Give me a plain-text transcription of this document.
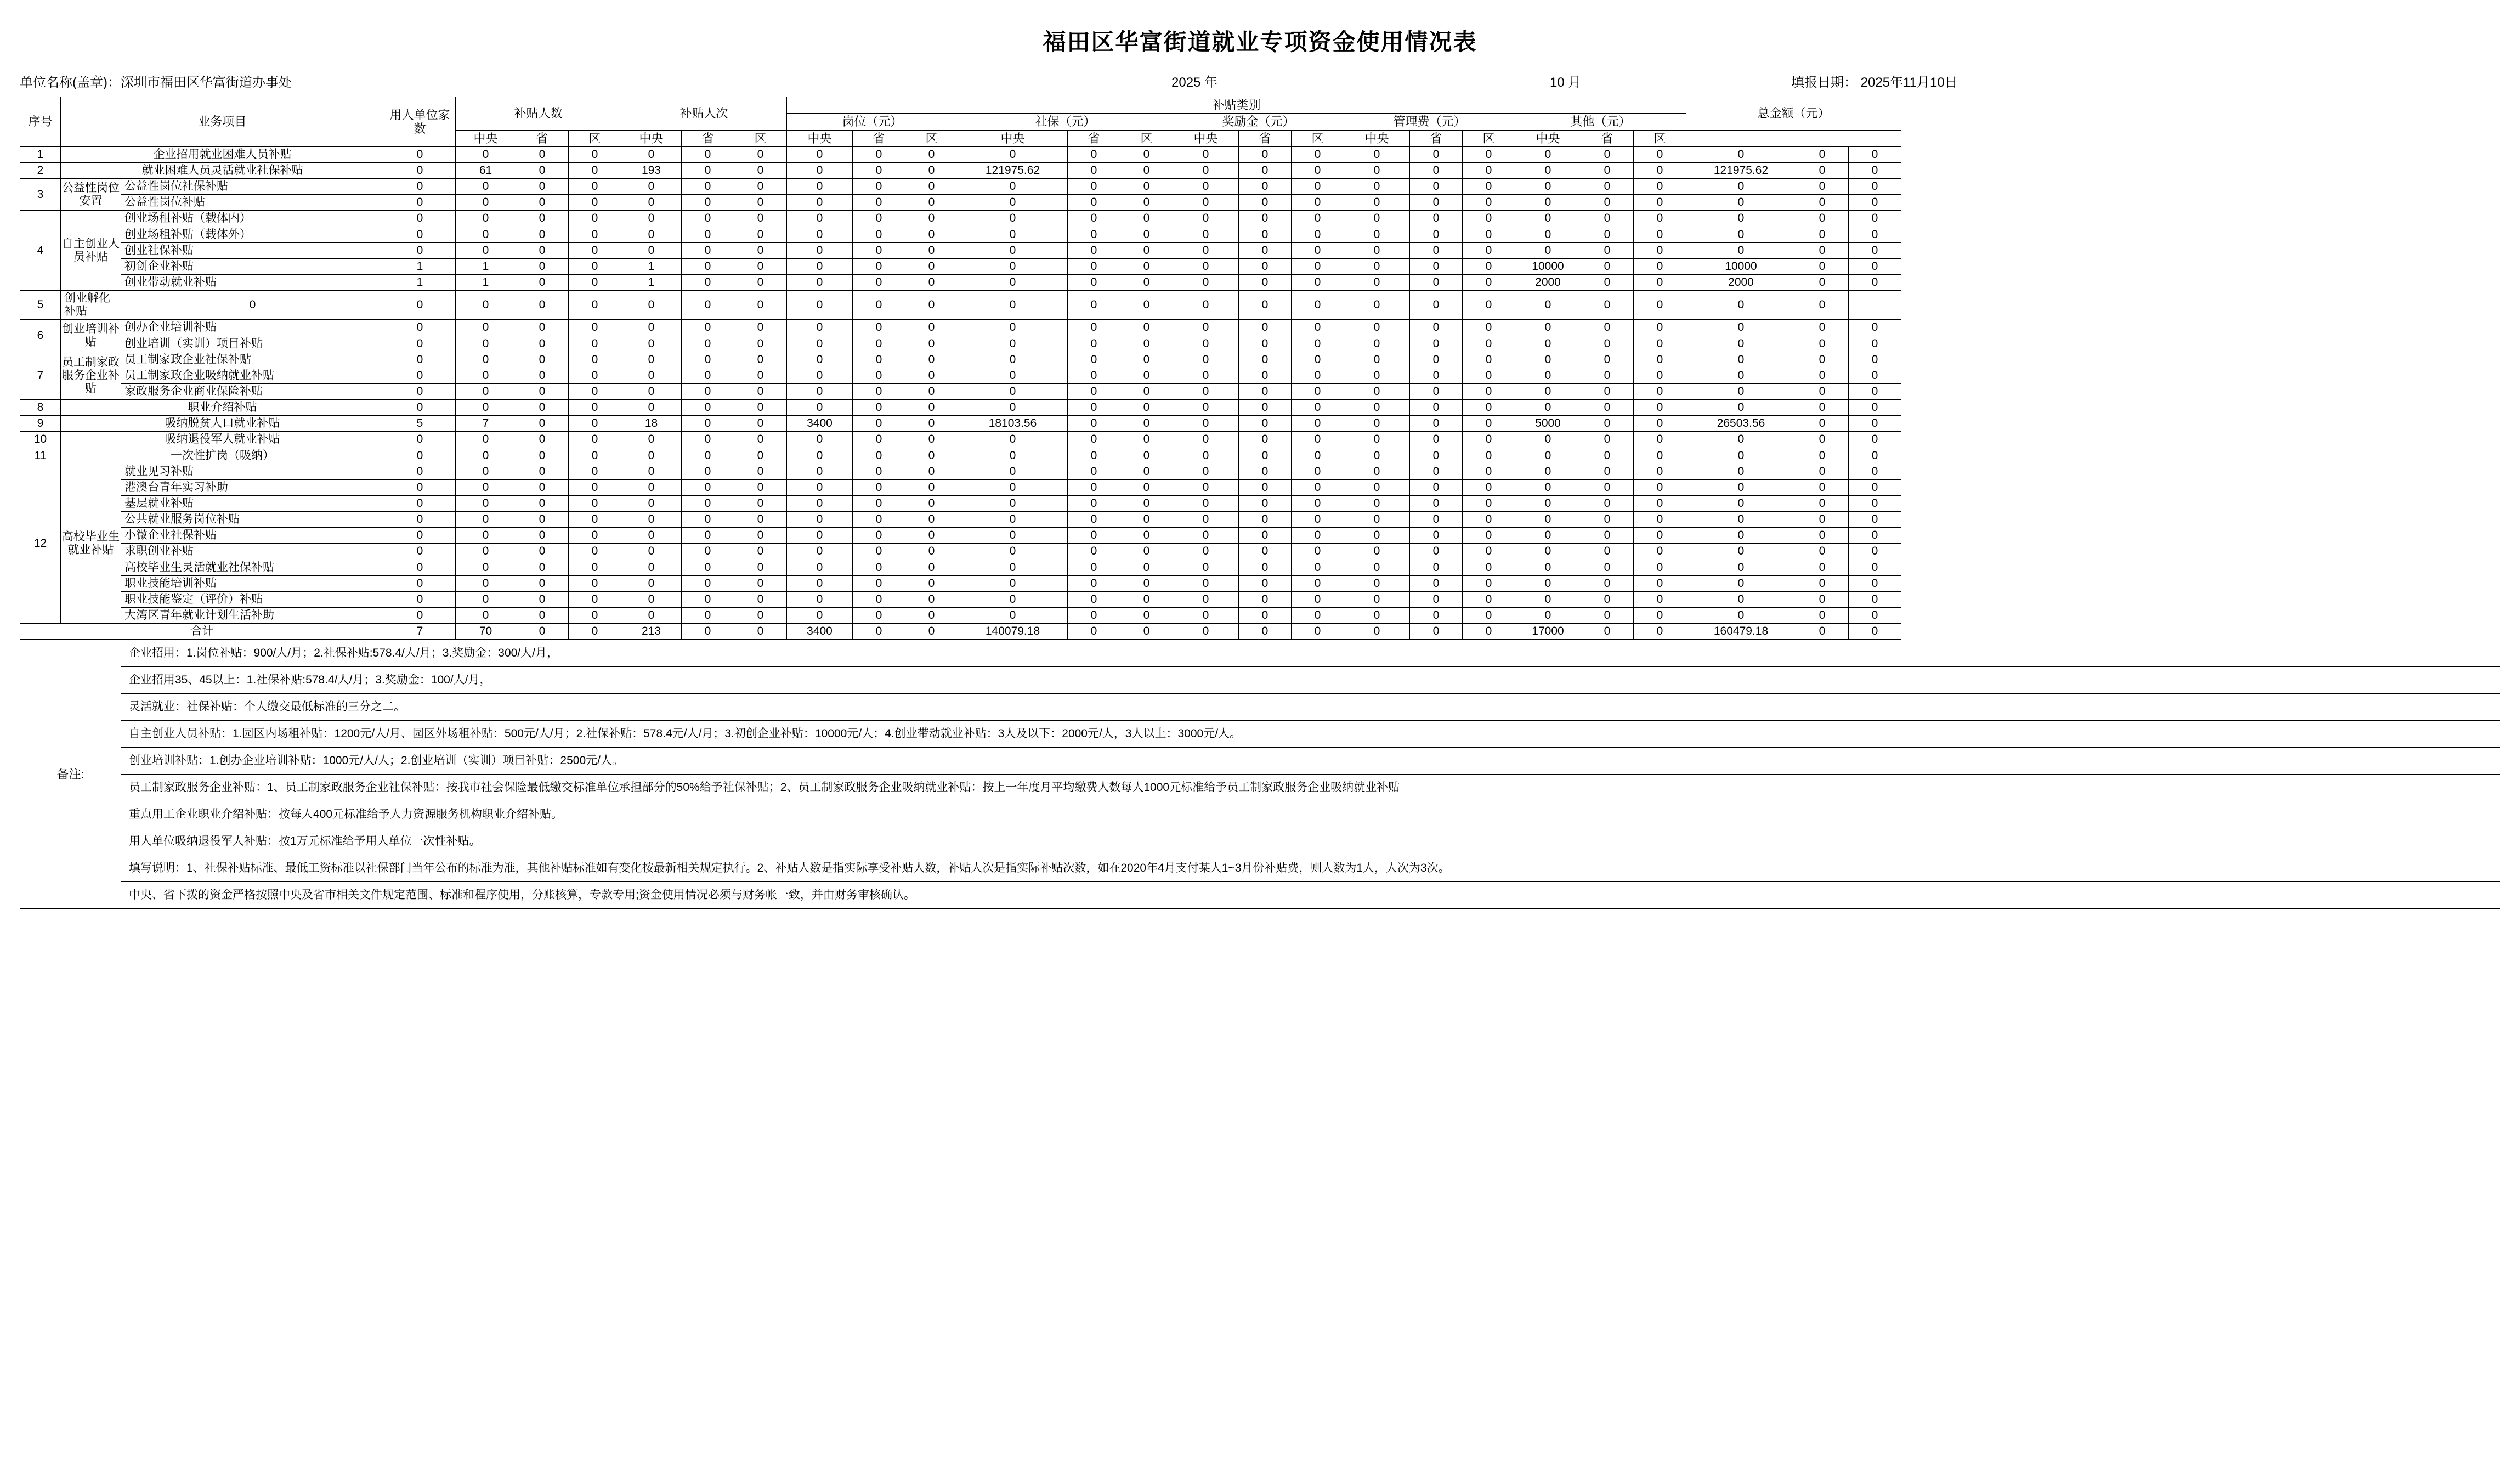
福田区华富街道就业专项资金使用情况表
单位名称(盖章)：深圳市福田区华富街道办事处	2025 年	10 月	填报日期： 2025年11月10日
序号	业务项目		用人单位家数	补贴人数			补贴人次			补贴类别															总金额（元）		
										岗位（元）			社保（元）			奖励金（元）			管理费（元）			其他（元）					
				中央	省	区	中央	省	区	中央	省	区	中央	省	区	中央	省	区	中央	省	区	中央	省	区			
1	企业招用就业困难人员补贴		0	0	0	0	0	0	0	0	0	0	0	0	0	0	0	0	0	0	0	0	0	0	0	0	0
2	就业困难人员灵活就业社保补贴		0	61	0	0	193	0	0	0	0	0	121975.62	0	0	0	0	0	0	0	0	0	0	0	121975.62	0	0
3	公益性岗位安置	公益性岗位社保补贴	0	0	0	0	0	0	0	0	0	0	0	0	0	0	0	0	0	0	0	0	0	0	0	0	0
		公益性岗位补贴	0	0	0	0	0	0	0	0	0	0	0	0	0	0	0	0	0	0	0	0	0	0	0	0	0
4	自主创业人员补贴	创业场租补贴（载体内）	0	0	0	0	0	0	0	0	0	0	0	0	0	0	0	0	0	0	0	0	0	0	0	0	0
		创业场租补贴（载体外）	0	0	0	0	0	0	0	0	0	0	0	0	0	0	0	0	0	0	0	0	0	0	0	0	0
		创业社保补贴	0	0	0	0	0	0	0	0	0	0	0	0	0	0	0	0	0	0	0	0	0	0	0	0	0
		初创企业补贴	1	1	0	0	1	0	0	0	0	0	0	0	0	0	0	0	0	0	0	10000	0	0	10000	0	0
		创业带动就业补贴	1	1	0	0	1	0	0	0	0	0	0	0	0	0	0	0	0	0	0	2000	0	0	2000	0	0
5	创业孵化补贴	0	0	0	0	0	0	0	0	0	0	0	0	0	0	0	0	0	0	0	0	0	0	0	0	0	
6	创业培训补贴	创办企业培训补贴	0	0	0	0	0	0	0	0	0	0	0	0	0	0	0	0	0	0	0	0	0	0	0	0	0
		创业培训（实训）项目补贴	0	0	0	0	0	0	0	0	0	0	0	0	0	0	0	0	0	0	0	0	0	0	0	0	0
7	员工制家政服务企业补贴	员工制家政企业社保补贴	0	0	0	0	0	0	0	0	0	0	0	0	0	0	0	0	0	0	0	0	0	0	0	0	0
		员工制家政企业吸纳就业补贴	0	0	0	0	0	0	0	0	0	0	0	0	0	0	0	0	0	0	0	0	0	0	0	0	0
		家政服务企业商业保险补贴	0	0	0	0	0	0	0	0	0	0	0	0	0	0	0	0	0	0	0	0	0	0	0	0	0
8	职业介绍补贴		0	0	0	0	0	0	0	0	0	0	0	0	0	0	0	0	0	0	0	0	0	0	0	0	0
9	吸纳脱贫人口就业补贴		5	7	0	0	18	0	0	3400	0	0	18103.56	0	0	0	0	0	0	0	0	5000	0	0	26503.56	0	0
10	吸纳退役军人就业补贴		0	0	0	0	0	0	0	0	0	0	0	0	0	0	0	0	0	0	0	0	0	0	0	0	0
11	一次性扩岗（吸纳）		0	0	0	0	0	0	0	0	0	0	0	0	0	0	0	0	0	0	0	0	0	0	0	0	0
12	高校毕业生就业补贴	就业见习补贴	0	0	0	0	0	0	0	0	0	0	0	0	0	0	0	0	0	0	0	0	0	0	0	0	0
		港澳台青年实习补助	0	0	0	0	0	0	0	0	0	0	0	0	0	0	0	0	0	0	0	0	0	0	0	0	0
		基层就业补贴	0	0	0	0	0	0	0	0	0	0	0	0	0	0	0	0	0	0	0	0	0	0	0	0	0
		公共就业服务岗位补贴	0	0	0	0	0	0	0	0	0	0	0	0	0	0	0	0	0	0	0	0	0	0	0	0	0
		小微企业社保补贴	0	0	0	0	0	0	0	0	0	0	0	0	0	0	0	0	0	0	0	0	0	0	0	0	0
		求职创业补贴	0	0	0	0	0	0	0	0	0	0	0	0	0	0	0	0	0	0	0	0	0	0	0	0	0
		高校毕业生灵活就业社保补贴	0	0	0	0	0	0	0	0	0	0	0	0	0	0	0	0	0	0	0	0	0	0	0	0	0
		职业技能培训补贴	0	0	0	0	0	0	0	0	0	0	0	0	0	0	0	0	0	0	0	0	0	0	0	0	0
		职业技能鉴定（评价）补贴	0	0	0	0	0	0	0	0	0	0	0	0	0	0	0	0	0	0	0	0	0	0	0	0	0
		大湾区青年就业计划生活补助	0	0	0	0	0	0	0	0	0	0	0	0	0	0	0	0	0	0	0	0	0	0	0	0	0
合计			7	70	0	0	213	0	0	3400	0	0	140079.18	0	0	0	0	0	0	0	0	17000	0	0	160479.18	0	0
备注:	企业招用：1.岗位补贴：900/人/月；2.社保补贴:578.4/人/月；3.奖励金：300/人/月，
企业招用35、45以上：1.社保补贴:578.4/人/月；3.奖励金：100/人/月，
灵活就业：社保补贴：个人缴交最低标准的三分之二。
自主创业人员补贴：1.园区内场租补贴：1200元/人/月、园区外场租补贴：500元/人/月；2.社保补贴：578.4元/人/月；3.初创企业补贴：10000元/人；4.创业带动就业补贴：3人及以下：2000元/人，3人以上：3000元/人。
创业培训补贴：1.创办企业培训补贴：1000元/人/人；2.创业培训（实训）项目补贴：2500元/人。
员工制家政服务企业补贴：1、员工制家政服务企业社保补贴：按我市社会保险最低缴交标准单位承担部分的50%给予社保补贴；2、员工制家政服务企业吸纳就业补贴：按上一年度月平均缴费人数每人1000元标准给予员工制家政服务企业吸纳就业补贴
重点用工企业职业介绍补贴：按每人400元标准给予人力资源服务机构职业介绍补贴。
用人单位吸纳退役军人补贴：按1万元标准给予用人单位一次性补贴。
填写说明：1、社保补贴标准、最低工资标准以社保部门当年公布的标准为准，其他补贴标准如有变化按最新相关规定执行。2、补贴人数是指实际享受补贴人数，补贴人次是指实际补贴次数，如在2020年4月支付某人1~3月份补贴费，则人数为1人，人次为3次。
中央、省下拨的资金严格按照中央及省市相关文件规定范围、标准和程序使用，分账核算，专款专用;资金使用情况必须与财务帐一致，并由财务审核确认。
